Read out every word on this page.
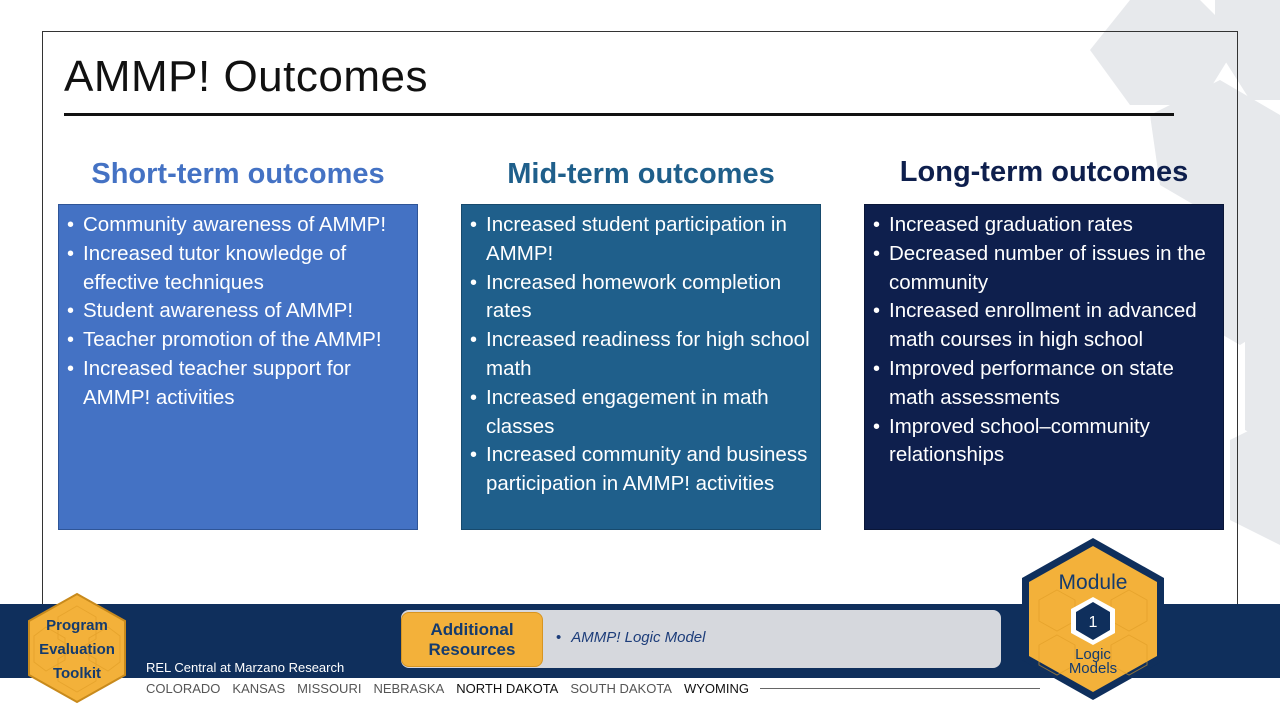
AMMP! Outcomes
Short-term outcomes	Mid-term outcomes	Long-term outcomes
• Community awareness of AMMP!
• Increased tutor knowledge of effective techniques
• Student awareness of AMMP!
• Teacher promotion of the AMMP!
• Increased teacher support for AMMP! activities
• Increased student participation in AMMP!
• Increased homework completion rates
• Increased readiness for high school math
• Increased engagement in math classes
• Increased community and business participation in AMMP! activities
• Increased graduation rates
• Decreased number of issues in the community
• Increased enrollment in advanced math courses in high school
• Improved performance on state math assessments
• Improved school–community relationships
REL Central at Marzano Research
COLORADO KANSAS MISSOURI NEBRASKA NORTH DAKOTA SOUTH DAKOTA WYOMING
Additional
Resources
• AMMP! Logic Model
Program
Evaluation
Toolkit
Module
1
Logic
Models
